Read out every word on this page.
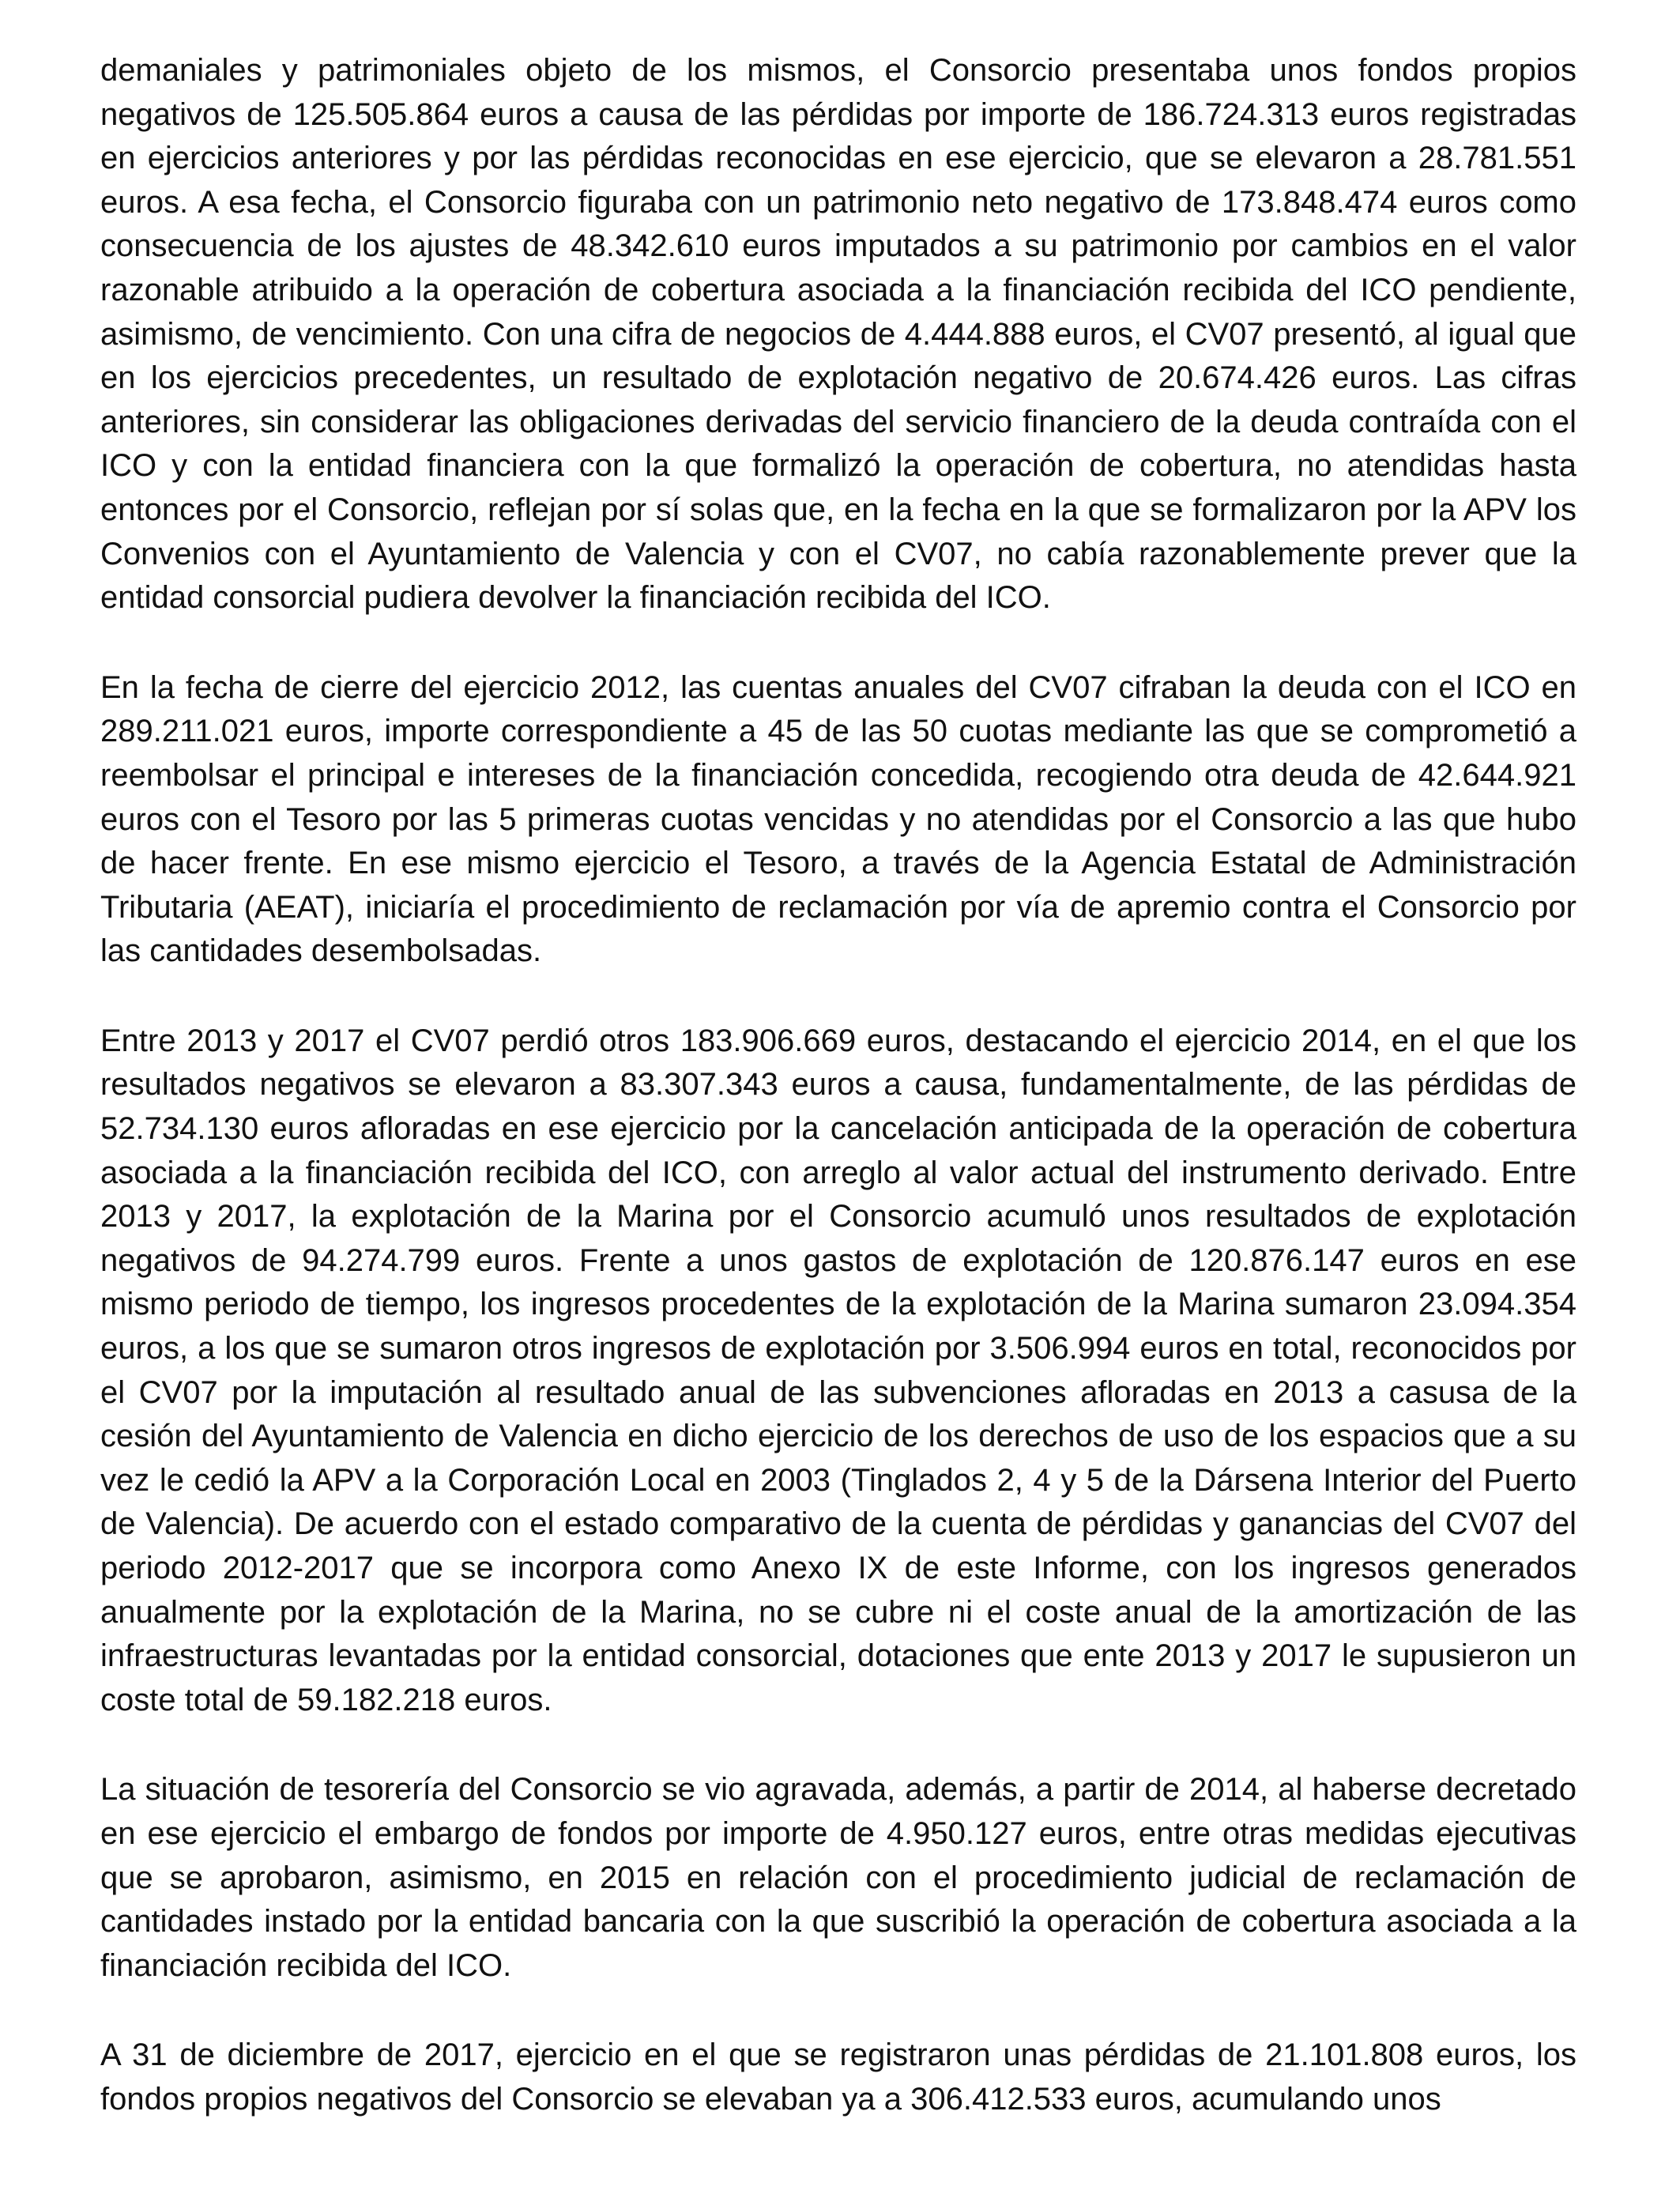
demaniales y patrimoniales objeto de los mismos, el Consorcio presentaba unos fondos propios negativos de 125.505.864 euros a causa de las pérdidas por importe de 186.724.313 euros registradas en ejercicios anteriores y por las pérdidas reconocidas en ese ejercicio, que se elevaron a 28.781.551 euros. A esa fecha, el Consorcio figuraba con un patrimonio neto negativo de 173.848.474 euros como consecuencia de los ajustes de 48.342.610 euros imputados a su patrimonio por cambios en el valor razonable atribuido a la operación de cobertura asociada a la financiación recibida del ICO pendiente, asimismo, de vencimiento. Con una cifra de negocios de 4.444.888 euros, el CV07 presentó, al igual que en los ejercicios precedentes, un resultado de explotación negativo de 20.674.426 euros. Las cifras anteriores, sin considerar las obligaciones derivadas del servicio financiero de la deuda contraída con el ICO y con la entidad financiera con la que formalizó la operación de cobertura, no atendidas hasta entonces por el Consorcio, reflejan por sí solas que, en la fecha en la que se formalizaron por la APV los Convenios con el Ayuntamiento de Valencia y con el CV07, no cabía razonablemente prever que la entidad consorcial pudiera devolver la financiación recibida del ICO.

En la fecha de cierre del ejercicio 2012, las cuentas anuales del CV07 cifraban la deuda con el ICO en 289.211.021 euros, importe correspondiente a 45 de las 50 cuotas mediante las que se comprometió a reembolsar el principal e intereses de la financiación concedida, recogiendo otra deuda de 42.644.921 euros con el Tesoro por las 5 primeras cuotas vencidas y no atendidas por el Consorcio a las que hubo de hacer frente. En ese mismo ejercicio el Tesoro, a través de la Agencia Estatal de Administración Tributaria (AEAT), iniciaría el procedimiento de reclamación por vía de apremio contra el Consorcio por las cantidades desembolsadas.

Entre 2013 y 2017 el CV07 perdió otros 183.906.669 euros, destacando el ejercicio 2014, en el que los resultados negativos se elevaron a 83.307.343 euros a causa, fundamentalmente, de las pérdidas de 52.734.130 euros afloradas en ese ejercicio por la cancelación anticipada de la operación de cobertura asociada a la financiación recibida del ICO, con arreglo al valor actual del instrumento derivado. Entre 2013 y 2017, la explotación de la Marina por el Consorcio acumuló unos resultados de explotación negativos de 94.274.799 euros. Frente a unos gastos de explotación de 120.876.147 euros en ese mismo periodo de tiempo, los ingresos procedentes de la explotación de la Marina sumaron 23.094.354 euros, a los que se sumaron otros ingresos de explotación por 3.506.994 euros en total, reconocidos por el CV07 por la imputación al resultado anual de las subvenciones afloradas en 2013 a casusa de la cesión del Ayuntamiento de Valencia en dicho ejercicio de los derechos de uso de los espacios que a su vez le cedió la APV a la Corporación Local en 2003 (Tinglados 2, 4 y 5 de la Dársena Interior del Puerto de Valencia). De acuerdo con el estado comparativo de la cuenta de pérdidas y ganancias del CV07 del periodo 2012-2017 que se incorpora como Anexo IX de este Informe, con los ingresos generados anualmente por la explotación de la Marina, no se cubre ni el coste anual de la amortización de las infraestructuras levantadas por la entidad consorcial, dotaciones que ente 2013 y 2017 le supusieron un coste total de 59.182.218 euros.

La situación de tesorería del Consorcio se vio agravada, además, a partir de 2014, al haberse decretado en ese ejercicio el embargo de fondos por importe de 4.950.127 euros, entre otras medidas ejecutivas que se aprobaron, asimismo, en 2015 en relación con el procedimiento judicial de reclamación de cantidades instado por la entidad bancaria con la que suscribió la operación de cobertura asociada a la financiación recibida del ICO.

A 31 de diciembre de 2017, ejercicio en el que se registraron unas pérdidas de 21.101.808 euros, los fondos propios negativos del Consorcio se elevaban ya a 306.412.533 euros, acumulando unos
